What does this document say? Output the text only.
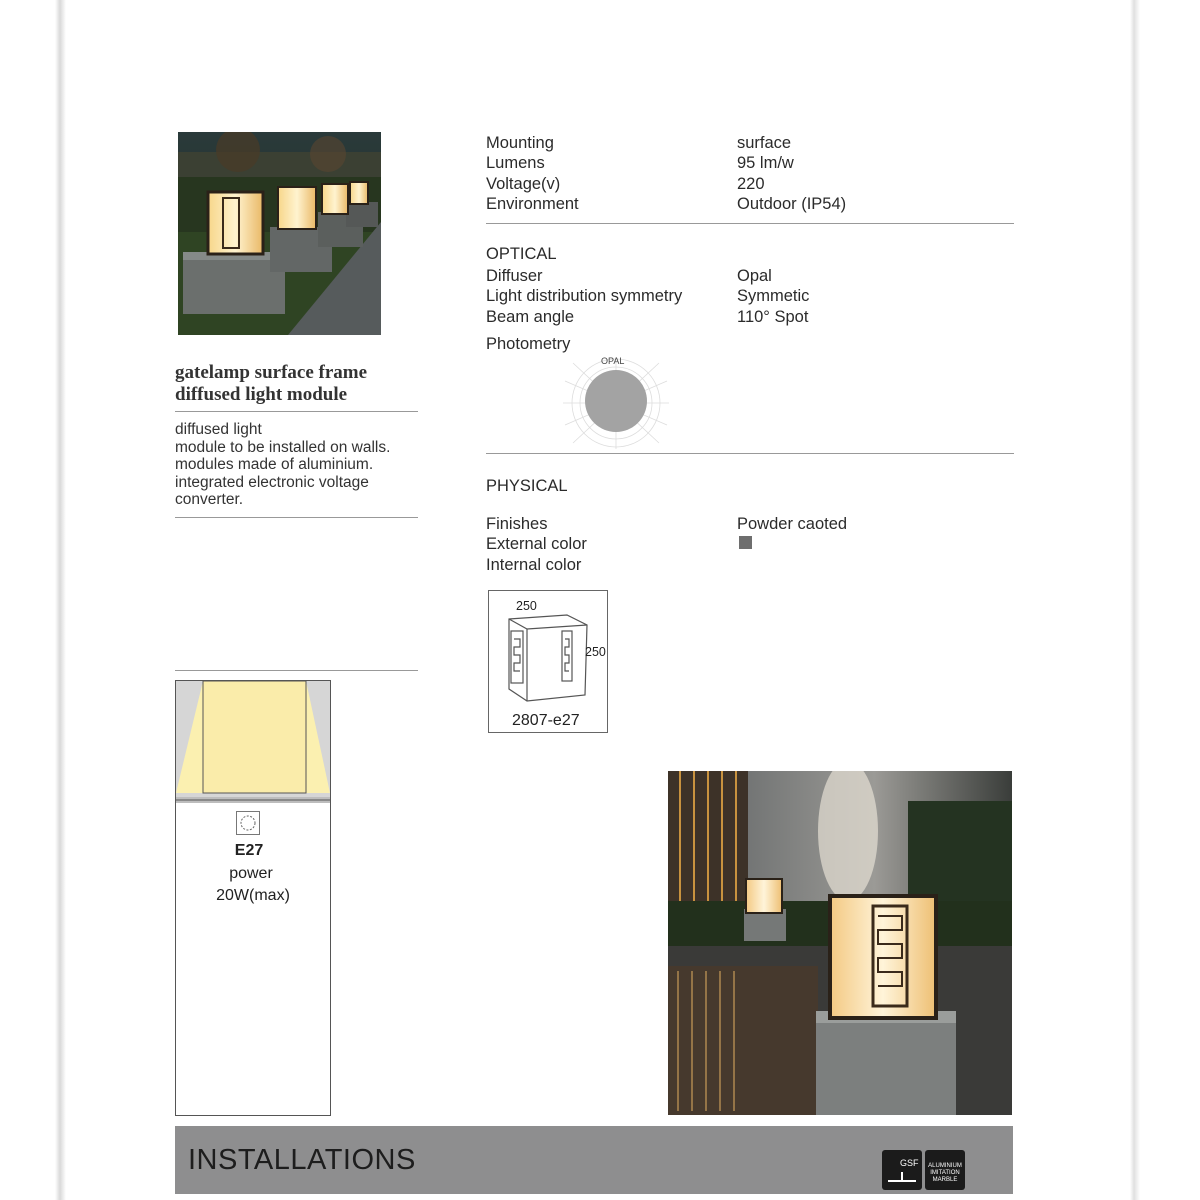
gatelamp surface frame
diffused light module
diffused light
module to be installed on walls.
modules made of aluminium.
integrated electronic voltage
converter.
Mounting
Lumens
Voltage(v)
Environment
surface
95 lm/w
220
Outdoor (IP54)
OPTICAL
Diffuser
Light distribution symmetry
Beam angle
Opal
Symmetic
110° Spot
Photometry
OPAL
PHYSICAL
Finishes
External color
Internal color
Powder caoted
250
250
2807-e27
E27
power
20W(max)
INSTALLATIONS	GSF	ALUMINIUM
IMITATION
MARBLE
